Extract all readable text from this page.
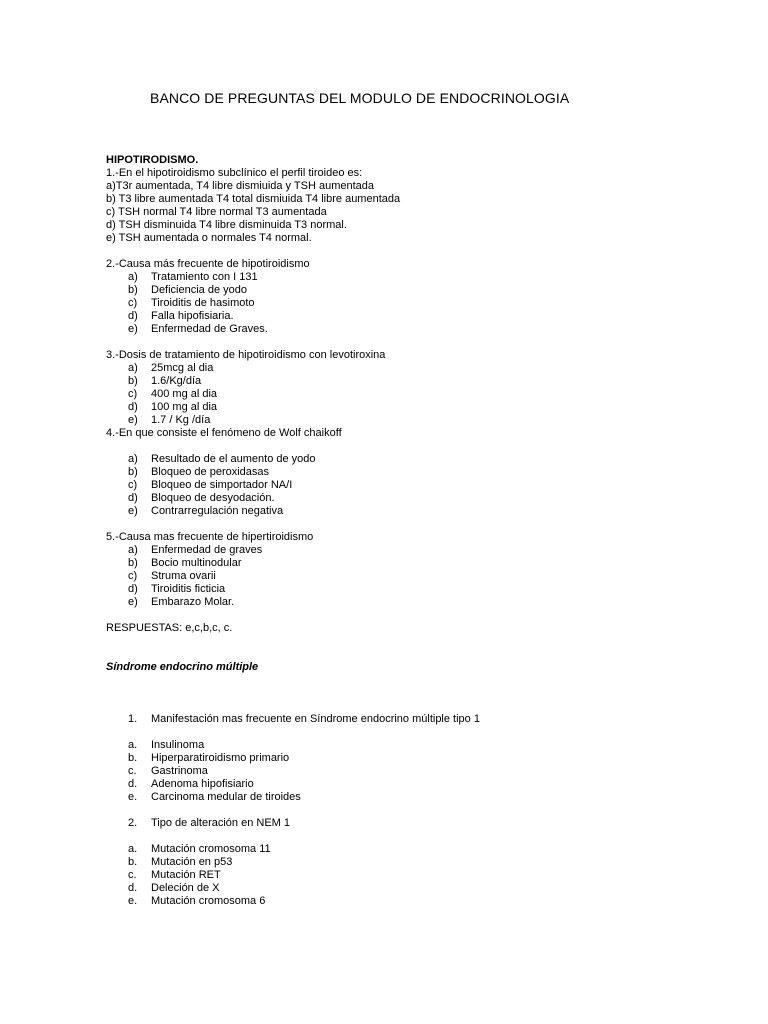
BANCO DE PREGUNTAS DEL MODULO DE ENDOCRINOLOGIA
HIPOTIRODISMO.
1.-En el hipotiroidismo subclínico el perfil tiroideo es:
a)T3r aumentada, T4 libre dismiuida y TSH aumentada
b) T3 libre aumentada T4 total dismiuida T4 libre aumentada
c) TSH normal T4 libre normal T3 aumentada
d) TSH disminuida T4 libre disminuida T3 normal.
e) TSH aumentada o normales T4 normal.
2.-Causa más frecuente de hipotiroidismo
a) Tratamiento con I 131
b) Deficiencia de yodo
c) Tiroiditis de hasimoto
d) Falla hipofisiaria.
e) Enfermedad de Graves.
3.-Dosis de tratamiento de hipotiroidismo con levotiroxina
a) 25mcg al dia
b) 1.6/Kg/día
c) 400 mg al dia
d) 100 mg al dia
e) 1.7 / Kg /día
4.-En que consiste el fenómeno de Wolf chaikoff
a) Resultado de el aumento de yodo
b) Bloqueo de peroxidasas
c) Bloqueo de simportador NA/I
d) Bloqueo de desyodación.
e) Contrarregulación negativa
5.-Causa mas frecuente de hipertiroidismo
a) Enfermedad de graves
b) Bocio multinodular
c) Struma ovarii
d) Tiroiditis ficticia
e) Embarazo Molar.
RESPUESTAS: e,c,b,c, c.
Síndrome endocrino múltiple
1. Manifestación mas frecuente en Síndrome endocrino múltiple tipo 1
a. Insulinoma
b. Hiperparatiroidismo primario
c. Gastrinoma
d. Adenoma hipofisiario
e. Carcinoma medular de tiroides
2. Tipo de alteración en NEM 1
a. Mutación cromosoma 11
b. Mutación en p53
c. Mutación RET
d. Deleción de X
e. Mutación cromosoma 6
